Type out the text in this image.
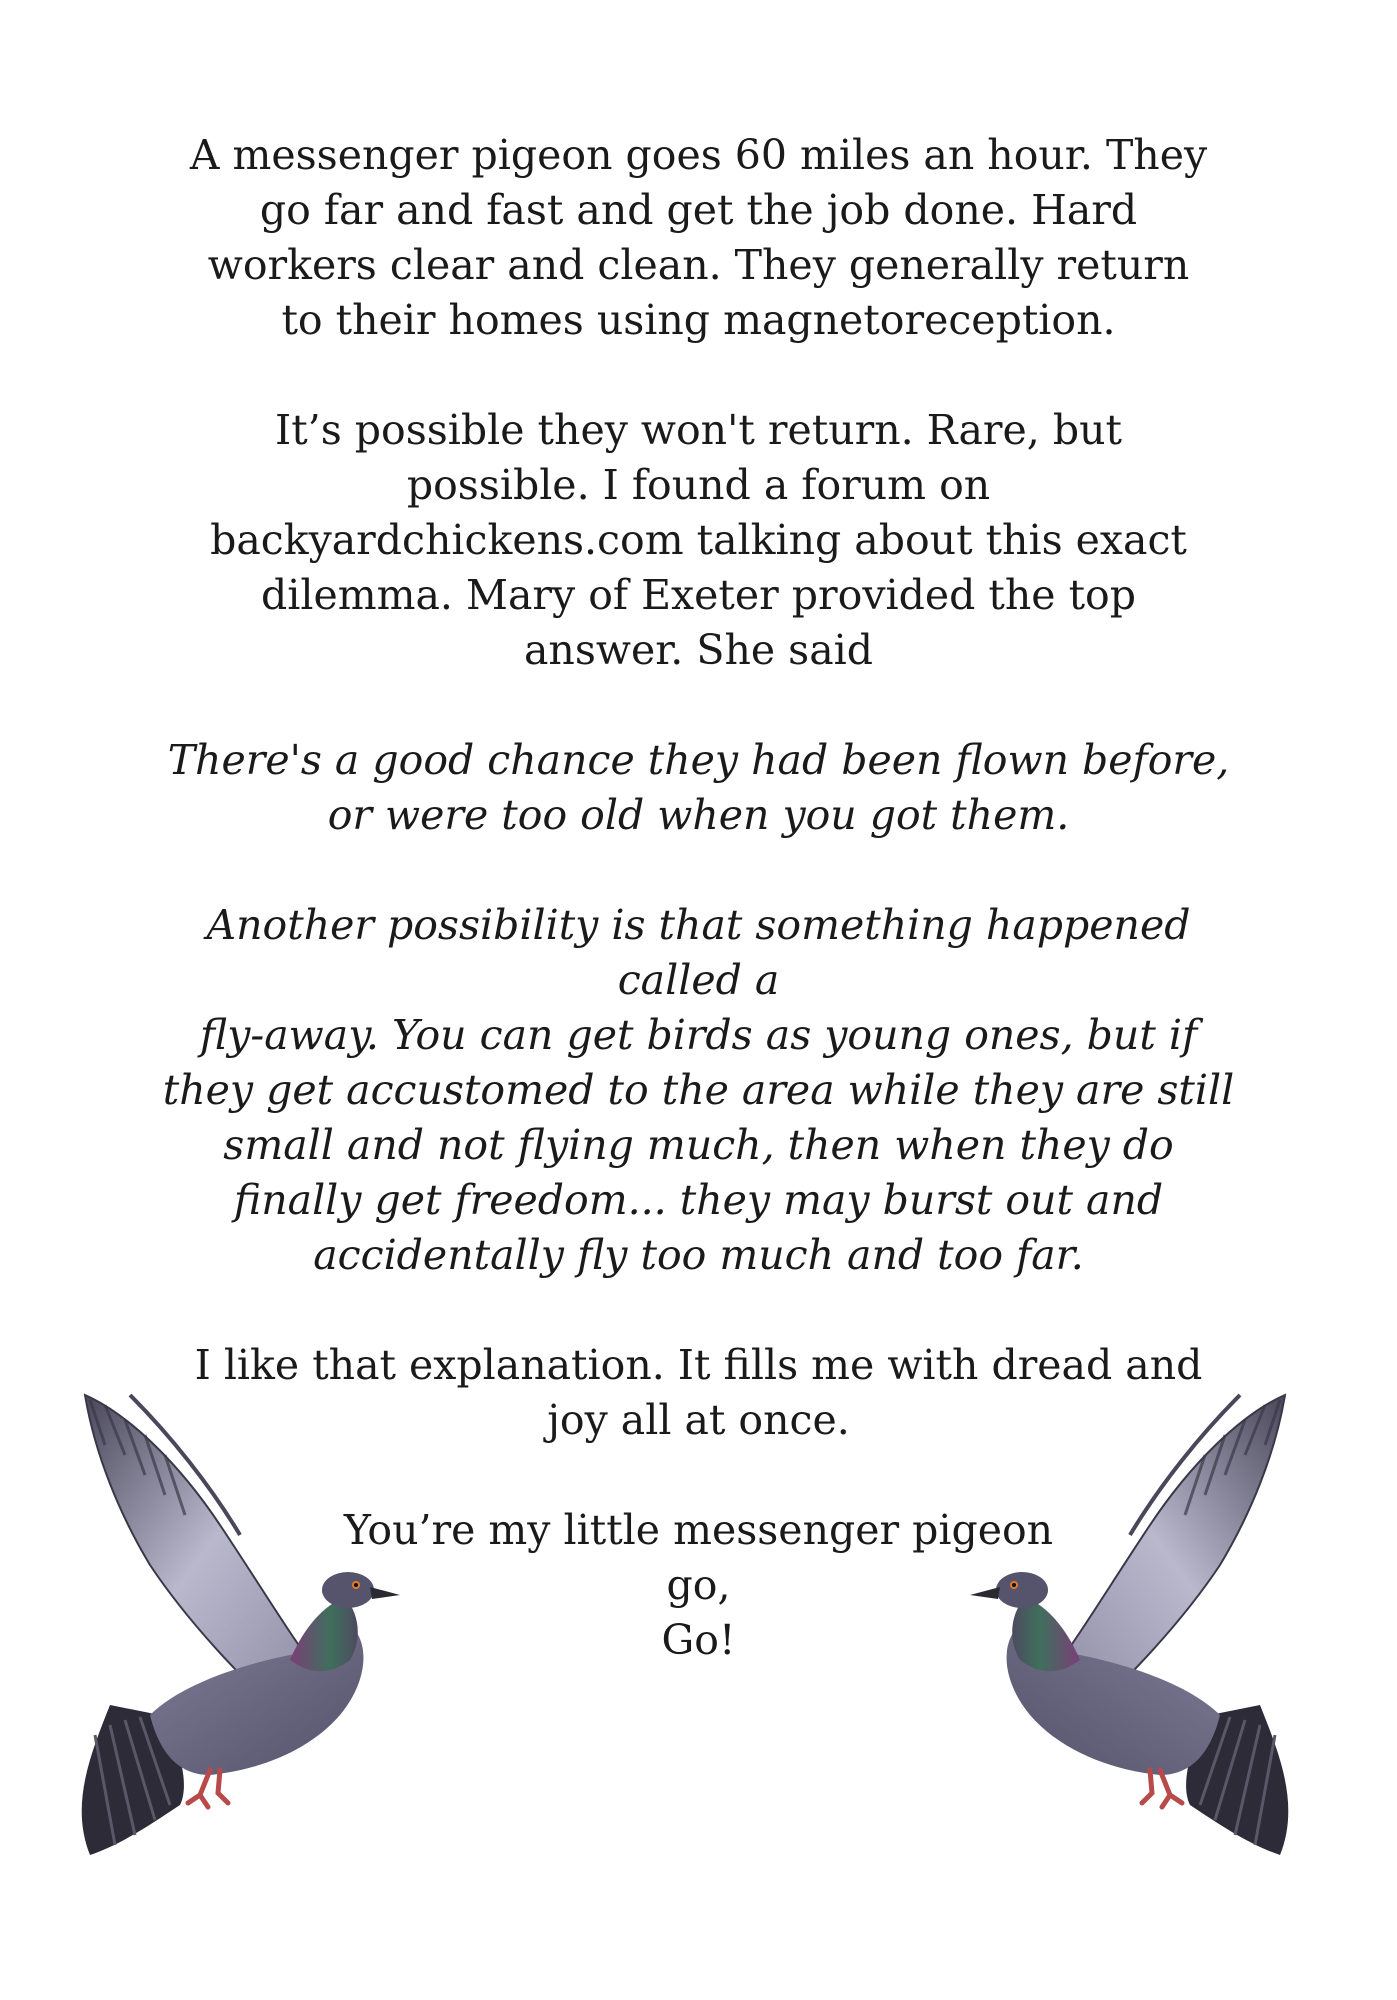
A messenger pigeon goes 60 miles an hour. They
go far and fast and get the job done. Hard
workers clear and clean. They generally return
to their homes using magnetoreception.

It’s possible they won't return. Rare, but
possible. I found a forum on
backyardchickens.com talking about this exact
dilemma. Mary of Exeter provided the top
answer. She said

There's a good chance they had been flown before,
or were too old when you got them.

Another possibility is that something happened
called a
fly-away. You can get birds as young ones, but if
they get accustomed to the area while they are still
small and not flying much, then when they do
finally get freedom... they may burst out and
accidentally fly too much and too far.

I like that explanation. It fills me with dread and
joy all at once.

You’re my little messenger pigeon
go,
Go!
